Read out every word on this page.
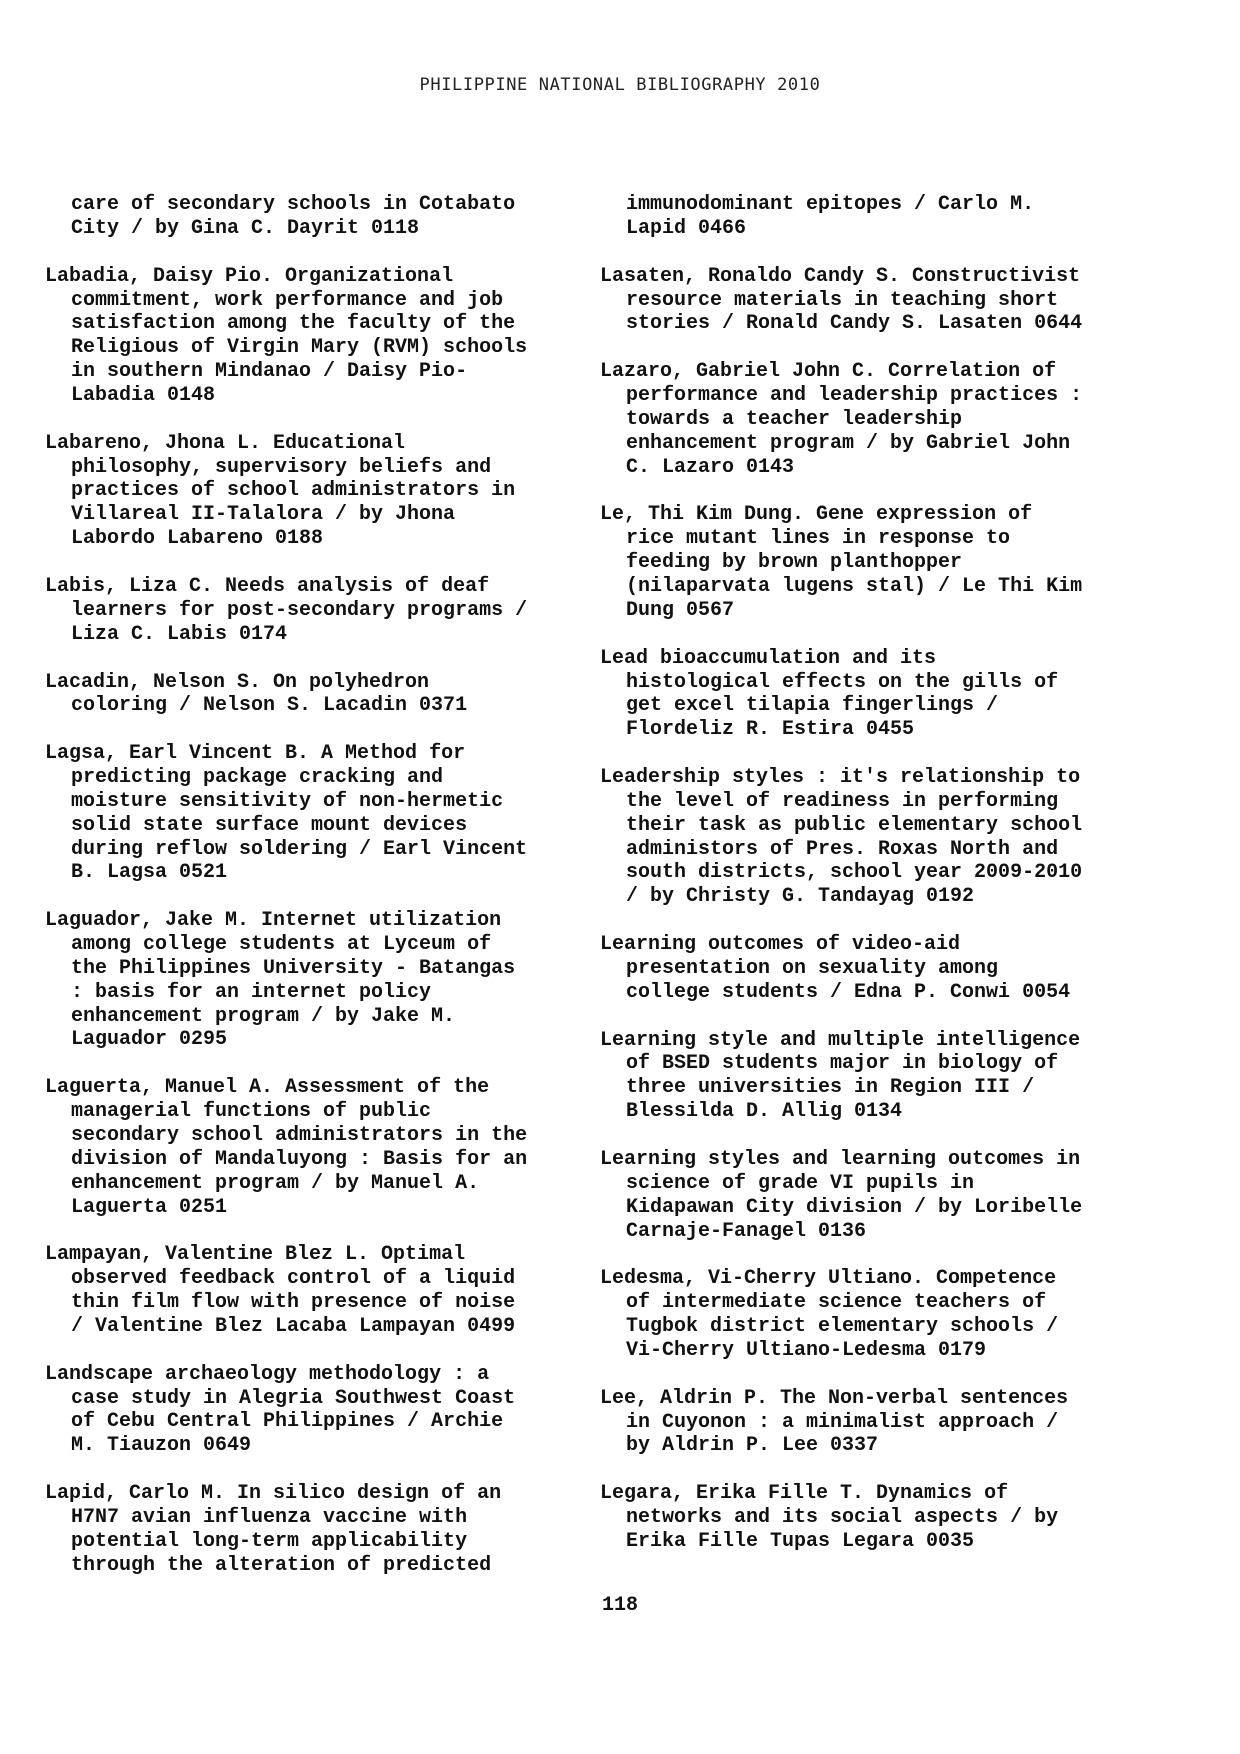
PHILIPPINE NATIONAL BIBLIOGRAPHY 2010

care of secondary schools in Cotabato
City / by Gina C. Dayrit 0118

Labadia, Daisy Pio. Organizational
commitment, work performance and job
satisfaction among the faculty of the
Religious of Virgin Mary (RVM) schools
in southern Mindanao / Daisy Pio-
Labadia 0148

Labareno, Jhona L. Educational
philosophy, supervisory beliefs and
practices of school administrators in
Villareal II-Talalora / by Jhona
Labordo Labareno 0188

Labis, Liza C. Needs analysis of deaf
learners for post-secondary programs /
Liza C. Labis 0174

Lacadin, Nelson S. On polyhedron
coloring / Nelson S. Lacadin 0371

Lagsa, Earl Vincent B. A Method for
predicting package cracking and
moisture sensitivity of non-hermetic
solid state surface mount devices
during reflow soldering / Earl Vincent
B. Lagsa 0521

Laguador, Jake M. Internet utilization
among college students at Lyceum of
the Philippines University - Batangas
: basis for an internet policy
enhancement program / by Jake M.
Laguador 0295

Laguerta, Manuel A. Assessment of the
managerial functions of public
secondary school administrators in the
division of Mandaluyong : Basis for an
enhancement program / by Manuel A.
Laguerta 0251

Lampayan, Valentine Blez L. Optimal
observed feedback control of a liquid
thin film flow with presence of noise
/ Valentine Blez Lacaba Lampayan 0499

Landscape archaeology methodology : a
case study in Alegria Southwest Coast
of Cebu Central Philippines / Archie
M. Tiauzon 0649

Lapid, Carlo M. In silico design of an
H7N7 avian influenza vaccine with
potential long-term applicability
through the alteration of predicted

immunodominant epitopes / Carlo M.
Lapid 0466

Lasaten, Ronaldo Candy S. Constructivist
resource materials in teaching short
stories / Ronald Candy S. Lasaten 0644

Lazaro, Gabriel John C. Correlation of
performance and leadership practices :
towards a teacher leadership
enhancement program / by Gabriel John
C. Lazaro 0143

Le, Thi Kim Dung. Gene expression of
rice mutant lines in response to
feeding by brown planthopper
(nilaparvata lugens stal) / Le Thi Kim
Dung 0567

Lead bioaccumulation and its
histological effects on the gills of
get excel tilapia fingerlings /
Flordeliz R. Estira 0455

Leadership styles : it's relationship to
the level of readiness in performing
their task as public elementary school
administors of Pres. Roxas North and
south districts, school year 2009-2010
/ by Christy G. Tandayag 0192

Learning outcomes of video-aid
presentation on sexuality among
college students / Edna P. Conwi 0054

Learning style and multiple intelligence
of BSED students major in biology of
three universities in Region III /
Blessilda D. Allig 0134

Learning styles and learning outcomes in
science of grade VI pupils in
Kidapawan City division / by Loribelle
Carnaje-Fanagel 0136

Ledesma, Vi-Cherry Ultiano. Competence
of intermediate science teachers of
Tugbok district elementary schools /
Vi-Cherry Ultiano-Ledesma 0179

Lee, Aldrin P. The Non-verbal sentences
in Cuyonon : a minimalist approach /
by Aldrin P. Lee 0337

Legara, Erika Fille T. Dynamics of
networks and its social aspects / by
Erika Fille Tupas Legara 0035

118
